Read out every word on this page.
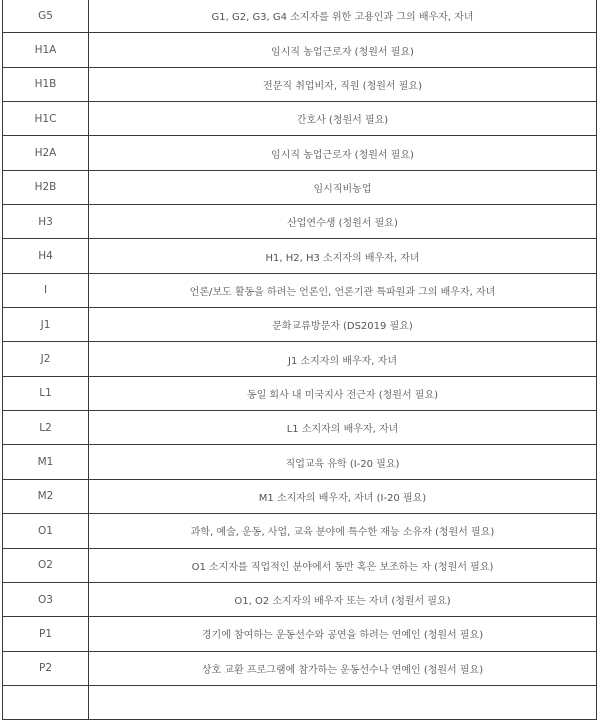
G5	G1, G2, G3, G4 소지자를 위한 고용인과 그의 배우자, 자녀
H1A	임시직 농업근로자 (청원서 필요)
H1B	전문직 취업비자, 직원 (청원서 필요)
H1C	간호사 (청원서 필요)
H2A	임시직 농업근로자 (청원서 필요)
H2B	임시직비농업
H3	산업연수생 (청원서 필요)
H4	H1, H2, H3 소지자의 배우자, 자녀
I	언론/보도 활동을 하려는 언론인, 언론기관 특파원과 그의 배우자, 자녀
J1	문화교류방문자 (DS2019 필요)
J2	J1 소지자의 배우자, 자녀
L1	동일 회사 내 미국지사 전근자 (청원서 필요)
L2	L1 소지자의 배우자, 자녀
M1	직업교육 유학 (I-20 필요)
M2	M1 소지자의 배우자, 자녀 (I-20 필요)
O1	과학, 예술, 운동, 사업, 교육 분야에 특수한 재능 소유자 (청원서 필요)
O2	O1 소지자를 직업적인 분야에서 동반 혹은 보조하는 자 (청원서 필요)
O3	O1, O2 소지자의 배우자 또는 자녀 (청원서 필요)
P1	경기에 참여하는 운동선수와 공연을 하려는 연예인 (청원서 필요)
P2	상호 교환 프로그램에 참가하는 운동선수나 연예인 (청원서 필요)
